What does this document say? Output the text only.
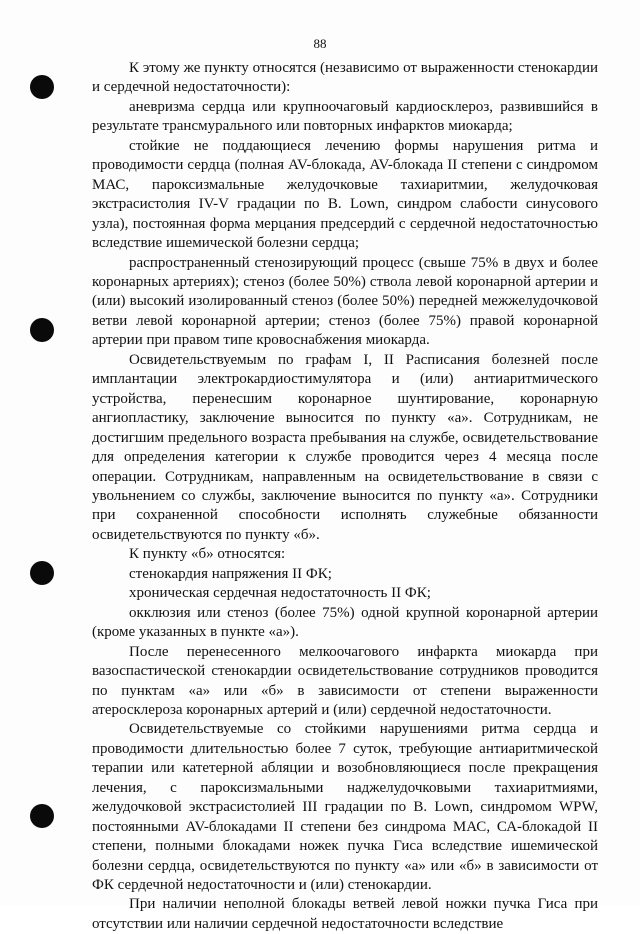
88

К этому же пункту относятся (независимо от выраженности стенокардии и сердечной недостаточности):

аневризма сердца или крупноочаговый кардиосклероз, развившийся в результате трансмурального или повторных инфарктов миокарда;

стойкие не поддающиеся лечению формы нарушения ритма и проводимости сердца (полная AV-блокада, AV-блокада II степени с синдромом МАС, пароксизмальные желудочковые тахиаритмии, желудочковая экстрасистолия IV-V градации по B. Lown, синдром слабости синусового узла), постоянная форма мерцания предсердий с сердечной недостаточностью вследствие ишемической болезни сердца;

распространенный стенозирующий процесс (свыше 75% в двух и более коронарных артериях); стеноз (более 50%) ствола левой коронарной артерии и (или) высокий изолированный стеноз (более 50%) передней межжелудочковой ветви левой коронарной артерии; стеноз (более 75%) правой коронарной артерии при правом типе кровоснабжения миокарда.

Освидетельствуемым по графам I, II Расписания болезней после имплантации электрокардиостимулятора и (или) антиаритмического устройства, перенесшим коронарное шунтирование, коронарную ангиопластику, заключение выносится по пункту «а». Сотрудникам, не достигшим предельного возраста пребывания на службе, освидетельствование для определения категории к службе проводится через 4 месяца после операции. Сотрудникам, направленным на освидетельствование в связи с увольнением со службы, заключение выносится по пункту «а». Сотрудники при сохраненной способности исполнять служебные обязанности освидетельствуются по пункту «б».

К пункту «б» относятся:

стенокардия напряжения II ФК;

хроническая сердечная недостаточность II ФК;

окклюзия или стеноз (более 75%) одной крупной коронарной артерии (кроме указанных в пункте «а»).

После перенесенного мелкоочагового инфаркта миокарда при вазоспастической стенокардии освидетельствование сотрудников проводится по пунктам «а» или «б» в зависимости от степени выраженности атеросклероза коронарных артерий и (или) сердечной недостаточности.

Освидетельствуемые со стойкими нарушениями ритма сердца и проводимости длительностью более 7 суток, требующие антиаритмической терапии или катетерной абляции и возобновляющиеся после прекращения лечения, с пароксизмальными наджелудочковыми тахиаритмиями, желудочковой экстрасистолией III градации по B. Lown, синдромом WPW, постоянными AV-блокадами II степени без синдрома МАС, СА-блокадой II степени, полными блокадами ножек пучка Гиса вследствие ишемической болезни сердца, освидетельствуются по пункту «а» или «б» в зависимости от ФК сердечной недостаточности и (или) стенокардии.

При наличии неполной блокады ветвей левой ножки пучка Гиса при отсутствии или наличии сердечной недостаточности вследствие
